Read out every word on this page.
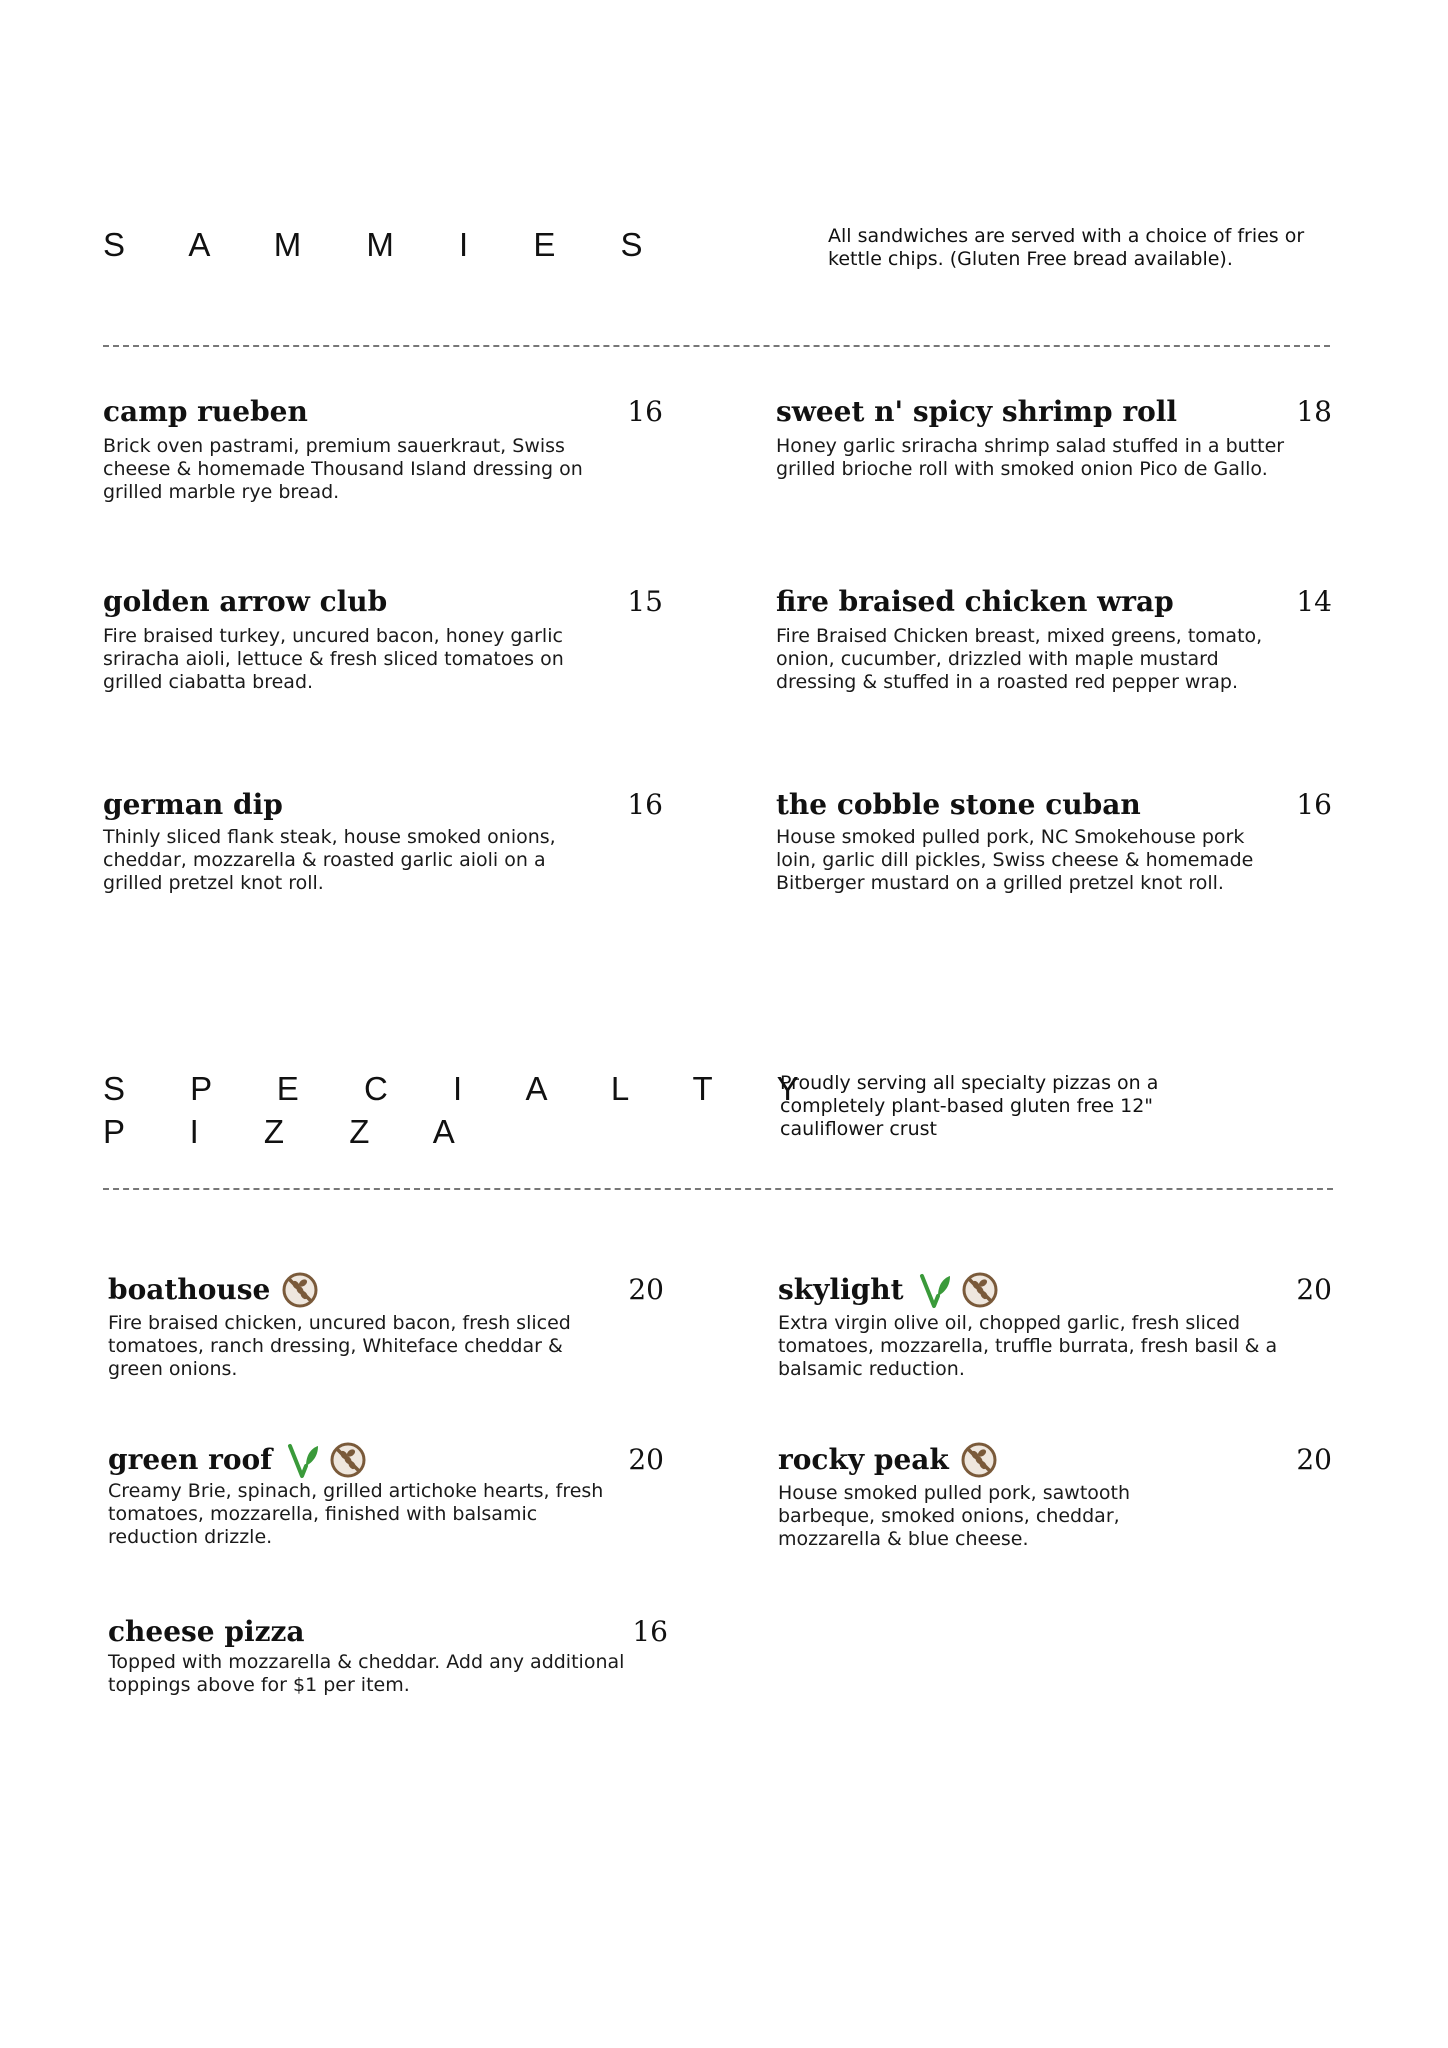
S A M M I E S	All sandwiches are served with a choice of fries or kettle chips. (Gluten Free bread available).
camp rueben	16
Brick oven pastrami, premium sauerkraut, Swiss cheese & homemade Thousand Island dressing on grilled marble rye bread.
sweet n' spicy shrimp roll	18
Honey garlic sriracha shrimp salad stuffed in a butter grilled brioche roll with smoked onion Pico de Gallo.
golden arrow club	15
Fire braised turkey, uncured bacon, honey garlic sriracha aioli, lettuce & fresh sliced tomatoes on grilled ciabatta bread.
fire braised chicken wrap	14
Fire Braised Chicken breast, mixed greens, tomato, onion, cucumber, drizzled with maple mustard dressing & stuffed in a roasted red pepper wrap.
german dip	16
Thinly sliced flank steak, house smoked onions, cheddar, mozzarella & roasted garlic aioli on a grilled pretzel knot roll.
the cobble stone cuban	16
House smoked pulled pork, NC Smokehouse pork loin, garlic dill pickles, Swiss cheese & homemade Bitberger mustard on a grilled pretzel knot roll.
S P E C I A L T Y
P I Z Z A
Proudly serving all specialty pizzas on a completely plant-based gluten free 12" cauliflower crust
boathouse	20
Fire braised chicken, uncured bacon, fresh sliced tomatoes, ranch dressing, Whiteface cheddar & green onions.
skylight	20
Extra virgin olive oil, chopped garlic, fresh sliced tomatoes, mozzarella, truffle burrata, fresh basil & a balsamic reduction.
green roof	20
Creamy Brie, spinach, grilled artichoke hearts, fresh tomatoes, mozzarella, finished with balsamic reduction drizzle.
rocky peak	20
House smoked pulled pork, sawtooth barbeque, smoked onions, cheddar, mozzarella & blue cheese.
cheese pizza	16
Topped with mozzarella & cheddar. Add any additional toppings above for $1 per item.
